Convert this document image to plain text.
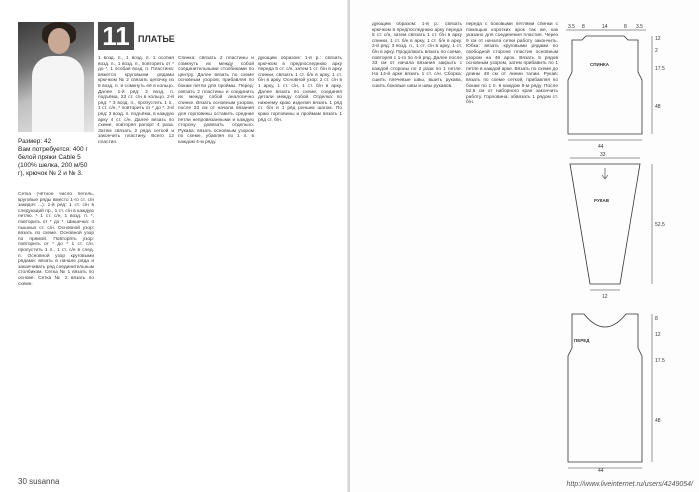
11 ПЛАТЬЕ
Размер: 42
Вам потребуется: 400 г белой пряжи Cable 5 (100% шелка, 200 м/50 г), крючок № 2 и № 3.

Сетка (чётное число петель, круговые ряды вместо 1-го ст. с/н закидоч ...). 1-й ряд: 1 ст. с/н в следующий пр., 1 ст. с/н в каждую петлю. * 1 ст. с/н, 1 возд. п. *, повторить от * до *. Шишечка: 4 пышных ст. с/н. Основной узор: вязать по схеме. Основной узор по прямой. Повторять узор: повторить от * до * 1 ст. с/н, пропустить 1 п., 1 ст. с/н в след. п. Основной узор круговыми рядами: вязать в начале ряда и заканчивать ряд соединительным столбиком. Сетка № 1 вязать по основе. Сетка № 2 вязать по схеме.

1 возд. п., 1 возд. п. 1 особая возд. п., 1 возд. п., повторить от * до *, 1 особая возд. п. Пластина: вяжется круговыми рядами крючком № 2 связать цепочку из 8 возд. п. и сомкнуть её в кольцо. Далее 1-й ряд: 3 возд. п. подъёма, 23 ст. с/н в кольцо. 2-й ряд: * 3 возд. п., пропустить 1 п., 1 ст. с/н, * повторить от * до *. 3-й ряд: 3 возд. п. подъёма, в каждую арку 4 ст. с/н. Далее вязать по схеме, повторяя рапорт 4 раза. Затем связать 2 ряда сеткой и закончить пластину. Всего 12 пластин.

Спинка: связать 2 пластины и сомкнуть их между собой соединительными столбиками по центру. Далее вязать по схеме основным узором, прибавляя по бокам петли для проймы. Перед: связать 2 пластины и соединить их между собой аналогично спинке. Вязать основным узором, после 33 см от начала вязания для горловины оставить средние петли непровязанными и каждую сторону довязать отдельно. Рукава: вязать основным узором по схеме, убавляя по 1 п. в каждом 4-м ряду.

дующим образом: 1-й р.: связать крючком в предпоследнюю арку переда 5 ст. с/н, затем 1 ст. б/н в арку спинки, связать 1 ст. б/н в арку, 1 ст. б/н в арку. Основной узор: 2 ст. с/н в 1 арку, 1 ст. с/н, 1 ст. б/н в арку. Далее вязать по схеме, соединяя детали между собой. Отделка: по нижнему краю изделия вязать 1 ряд ст. б/н и 1 ряд рачьим шагом. По краю горловины и проймам вязать 1 ряд ст. б/н.

30 susanna

дующим образом: 1-й р.: связать крючком в предпоследнюю арку переда 5 ст. с/н, затем связать 1 ст. б/н в арку спинки, 1 ст. б/н в арку, 1 ст. б/н в арку. 2-й ряд: 3 возд. п., 1 ст. с/н в арку, 1 ст. б/н в арку. Продолжать вязать по схеме, повторяя с 1-го по 4-й ряд. Далее после 33 см от начала вязания закрыть с каждой стороны по 2 раза по 1 петле. На 14-й арке вязать 1 ст. с/н. Сборка: сшить плечевые швы, вшить рукава, сшить боковые швы и швы рукавов.

переда с боковыми петлями спинки с помощью коротких арок так же, как указано для соединения пластин. Через 9 см от начала сетки работу закончить. Юбка: вязать круговыми рядами по свободной стороне пластин основным узором на 46 арок. Вязать 5 рядов основным узором, затем прибавить по 1 петле в каждой арке. Вязать по схеме до длины 48 см от линии талии. Рукав: вязать по схеме сеткой, прибавляя по бокам по 1 п. в каждом 6-м ряду. После 52,5 см от наборного края закончить работу. Горловина: обвязать 1 рядом ст. б/н.

3.5 8	14	8 3.5
12
2
17.5
48
44
СПИНКА
33
52.5
12
РУКАВ
8
12
17.5
48
44
ПЕРЕД
http://www.liveinternet.ru/users/4249054/
